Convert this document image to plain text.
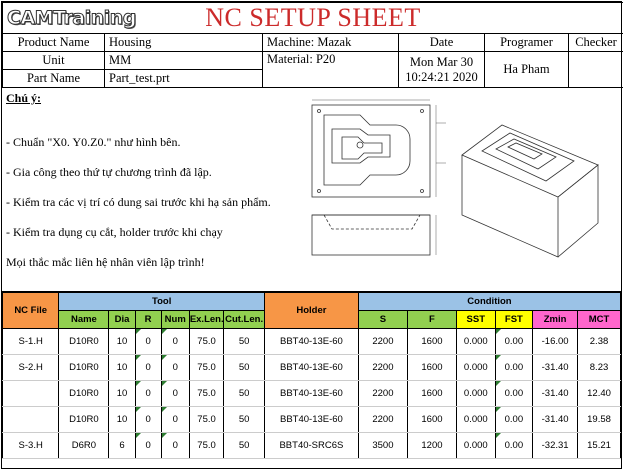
CAMTraining NC SETUP SHEET					

Product Name	Housing	Machine: Mazak	Date	Programer	Checker
Unit	MM	Material: P20	Mon Mar 30
10:24:21 2020	Ha Pham	
Part Name	Part_test.prt				
Chú ý:
- Chuẩn "X0. Y0.Z0." như hình bên.
- Gia công theo thứ tự chương trình đã lập.
- Kiểm tra các vị trí có dung sai trước khi hạ sản phẩm.
- Kiểm tra dụng cụ cắt, holder trước khi chạy
Mọi thắc mắc liên hệ nhân viên lập trình!
NC File	Tool						Holder	Condition					
	Name	Dia	R	Num	Ex.Len.	Cut.Len.		S	F	SST	FST	Zmin	MCT
S-1.H	D10R0	10	0	0	75.0	50	BBT40-13E-60	2200	1600	0.000	0.00	-16.00	2.38
S-2.H	D10R0	10	0	0	75.0	50	BBT40-13E-60	2200	1600	0.000	0.00	-31.40	8.23
	D10R0	10	0	0	75.0	50	BBT40-13E-60	2200	1600	0.000	0.00	-31.40	12.40
	D10R0	10	0	0	75.0	50	BBT40-13E-60	2200	1600	0.000	0.00	-31.40	19.58
S-3.H	D6R0	6	0	0	75.0	50	BBT40-SRC6S	3500	1200	0.000	0.00	-32.31	15.21
